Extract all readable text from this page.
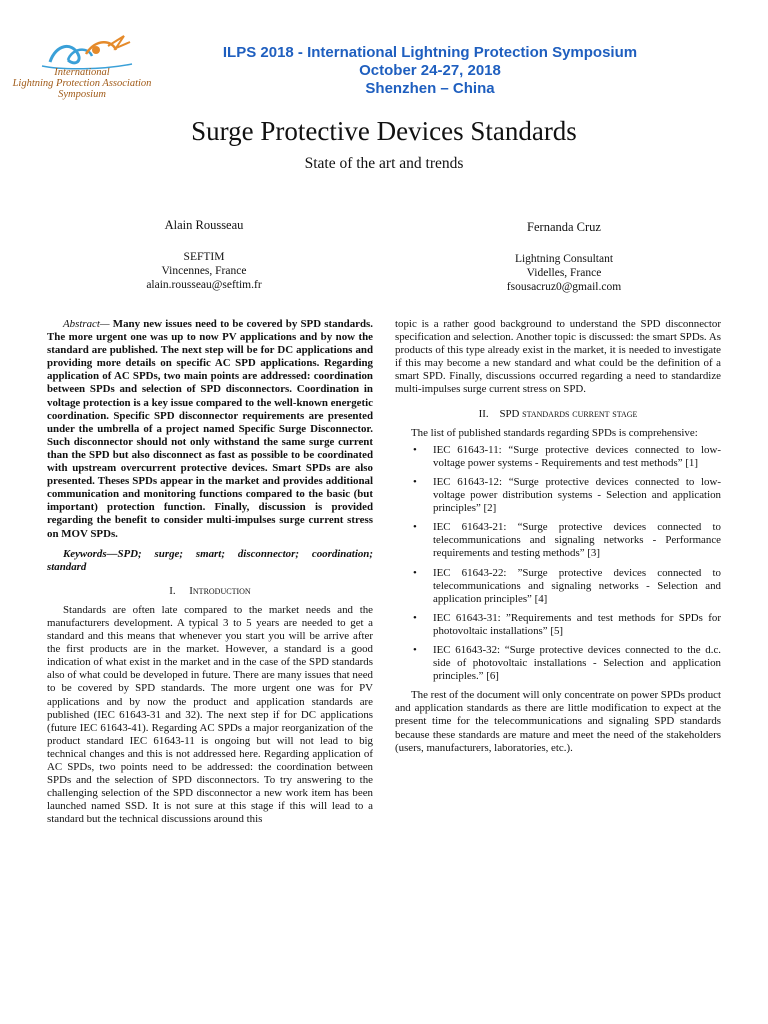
International
Lightning Protection Association
Symposium
ILPS 2018 - International Lightning Protection Symposium
October 24-27, 2018
Shenzhen – China
Surge Protective Devices Standards
State of the art and trends
Alain Rousseau
SEFTIM
Vincennes, France
alain.rousseau@seftim.fr
Fernanda Cruz
Lightning Consultant
Videlles, France
fsousacruz0@gmail.com

Abstract— Many new issues need to be covered by SPD standards. The more urgent one was up to now PV applications and by now the standard are published. The next step will be for DC applications and providing more details on specific AC SPD applications. Regarding application of AC SPDs, two main points are addressed: coordination between SPDs and selection of SPD disconnectors. Coordination in voltage protection is a key issue compared to the well-known energetic coordination. Specific SPD disconnector requirements are presented under the umbrella of a project named Specific Surge Disconnector. Such disconnector should not only withstand the same surge current than the SPD but also disconnect as fast as possible to be coordinated with upstream overcurrent protective devices. Smart SPDs are also presented. Theses SPDs appear in the market and provides additional communication and monitoring functions compared to the basic (but important) protection function. Finally, discussion is provided regarding the benefit to consider multi-impulses surge current stress on MOV SPDs.

Keywords—SPD; surge; smart; disconnector; coordination; standard

I. Introduction

Standards are often late compared to the market needs and the manufacturers development. A typical 3 to 5 years are needed to get a standard and this means that whenever you start you will be arrive after the first products are in the market. However, a standard is a good indication of what exist in the market and in the case of the SPD standards also of what could be developed in future. There are many issues that need to be covered by SPD standards. The more urgent one was for PV applications and by now the product and application standards are published (IEC 61643-31 and 32). The next step if for DC applications (future IEC 61643-41). Regarding AC SPDs a major reorganization of the product standard IEC 61643-11 is ongoing but will not lead to big technical changes and this is not addressed here. Regarding application of AC SPDs, two points need to be addressed: the coordination between SPDs and the selection of SPD disconnectors. To try answering to the challenging selection of the SPD disconnector a new work item has been launched named SSD. It is not sure at this stage if this will lead to a standard but the technical discussions around this

topic is a rather good background to understand the SPD disconnector specification and selection. Another topic is discussed: the smart SPDs. As products of this type already exist in the market, it is needed to investigate if this may become a new standard and what could be the definition of a smart SPD. Finally, discussions occurred regarding a need to standardize multi-impulses surge current stress on SPD.

II. SPD standards current stage

The list of published standards regarding SPDs is comprehensive:

• IEC 61643-11: “Surge protective devices connected to low-voltage power systems - Requirements and test methods” [1]
• IEC 61643-12: “Surge protective devices connected to low-voltage power distribution systems - Selection and application principles” [2]
• IEC 61643-21: “Surge protective devices connected to telecommunications and signaling networks - Performance requirements and testing methods” [3]
• IEC 61643-22: ”Surge protective devices connected to telecommunications and signaling networks - Selection and application principles” [4]
• IEC 61643-31: ”Requirements and test methods for SPDs for photovoltaic installations” [5]
• IEC 61643-32: “Surge protective devices connected to the d.c. side of photovoltaic installations - Selection and application principles.” [6]

The rest of the document will only concentrate on power SPDs product and application standards as there are little modification to expect at the present time for the telecommunications and signaling SPD standards because these standards are mature and meet the need of the stakeholders (users, manufacturers, laboratories, etc.).
